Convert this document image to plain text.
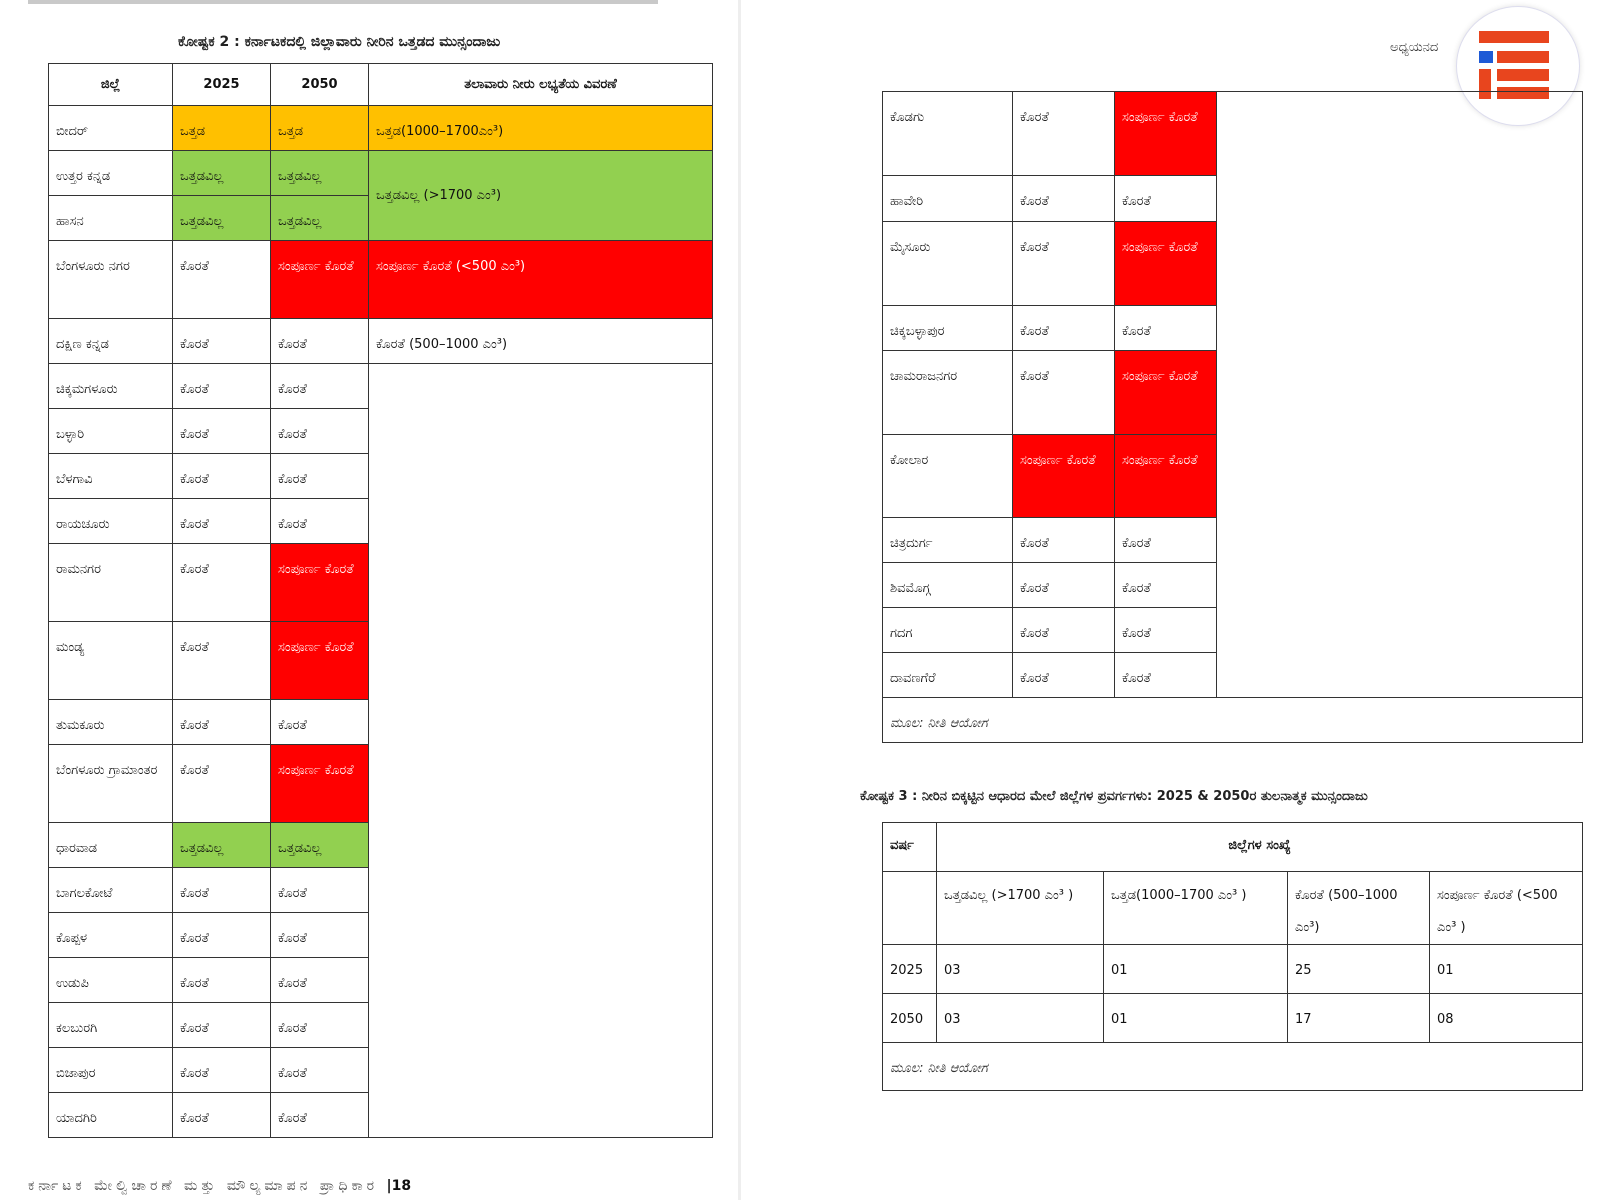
ಕೋಷ್ಟಕ 2 : ಕರ್ನಾಟಕದಲ್ಲಿ ಜಿಲ್ಲಾವಾರು ನೀರಿನ ಒತ್ತಡದ ಮುನ್ಸಂದಾಜು
ಜಿಲ್ಲೆ	2025	2050	ತಲಾವಾರು ನೀರು ಲಭ್ಯತೆಯ ವಿವರಣೆ
ಬೀದರ್	ಒತ್ತಡ	ಒತ್ತಡ	ಒತ್ತಡ(1000–1700ಎಂ³)
ಉತ್ತರ ಕನ್ನಡ	ಒತ್ತಡವಿಲ್ಲ	ಒತ್ತಡವಿಲ್ಲ	ಒತ್ತಡವಿಲ್ಲ (>1700 ಎಂ³)
ಹಾಸನ	ಒತ್ತಡವಿಲ್ಲ	ಒತ್ತಡವಿಲ್ಲ	
ಬೆಂಗಳೂರು ನಗರ	ಕೊರತೆ	ಸಂಪೂರ್ಣ ಕೊರತೆ	ಸಂಪೂರ್ಣ ಕೊರತೆ (<500 ಎಂ³)
ದಕ್ಷಿಣ ಕನ್ನಡ	ಕೊರತೆ	ಕೊರತೆ	ಕೊರತೆ (500–1000 ಎಂ³)
ಚಿಕ್ಕಮಗಳೂರು	ಕೊರತೆ	ಕೊರತೆ	
ಬಳ್ಳಾರಿ	ಕೊರತೆ	ಕೊರತೆ	
ಬೆಳಗಾವಿ	ಕೊರತೆ	ಕೊರತೆ	
ರಾಯಚೂರು	ಕೊರತೆ	ಕೊರತೆ	
ರಾಮನಗರ	ಕೊರತೆ	ಸಂಪೂರ್ಣ ಕೊರತೆ	
ಮಂಡ್ಯ	ಕೊರತೆ	ಸಂಪೂರ್ಣ ಕೊರತೆ	
ತುಮಕೂರು	ಕೊರತೆ	ಕೊರತೆ	
ಬೆಂಗಳೂರು ಗ್ರಾಮಾಂತರ	ಕೊರತೆ	ಸಂಪೂರ್ಣ ಕೊರತೆ	
ಧಾರವಾಡ	ಒತ್ತಡವಿಲ್ಲ	ಒತ್ತಡವಿಲ್ಲ	
ಬಾಗಲಕೋಟೆ	ಕೊರತೆ	ಕೊರತೆ	
ಕೊಪ್ಪಳ	ಕೊರತೆ	ಕೊರತೆ	
ಉಡುಪಿ	ಕೊರತೆ	ಕೊರತೆ	
ಕಲಬುರಗಿ	ಕೊರತೆ	ಕೊರತೆ	
ಬಿಜಾಪುರ	ಕೊರತೆ	ಕೊರತೆ	
ಯಾದಗಿರಿ	ಕೊರತೆ	ಕೊರತೆ	
ಕರ್ನಾಟಕ ಮೇಲ್ವಿಚಾರಣೆ ಮತ್ತು ಮೌಲ್ಯಮಾಪನ ಪ್ರಾಧಿಕಾರ |18
ಅಧ್ಯಯನದ
ಕೊಡಗು	ಕೊರತೆ	ಸಂಪೂರ್ಣ ಕೊರತೆ	
ಹಾವೇರಿ	ಕೊರತೆ	ಕೊರತೆ	
ಮೈಸೂರು	ಕೊರತೆ	ಸಂಪೂರ್ಣ ಕೊರತೆ	
ಚಿಕ್ಕಬಳ್ಳಾಪುರ	ಕೊರತೆ	ಕೊರತೆ	
ಚಾಮರಾಜನಗರ	ಕೊರತೆ	ಸಂಪೂರ್ಣ ಕೊರತೆ	
ಕೋಲಾರ	ಸಂಪೂರ್ಣ ಕೊರತೆ	ಸಂಪೂರ್ಣ ಕೊರತೆ	
ಚಿತ್ರದುರ್ಗ	ಕೊರತೆ	ಕೊರತೆ	
ಶಿವಮೊಗ್ಗ	ಕೊರತೆ	ಕೊರತೆ	
ಗದಗ	ಕೊರತೆ	ಕೊರತೆ	
ದಾವಣಗೆರೆ	ಕೊರತೆ	ಕೊರತೆ	
ಮೂಲ: ನೀತಿ ಆಯೋಗ			
ಕೋಷ್ಟಕ 3 : ನೀರಿನ ಬಿಕ್ಕಟ್ಟಿನ ಆಧಾರದ ಮೇಲೆ ಜಿಲ್ಲೆಗಳ ಪ್ರವರ್ಗಗಳು: 2025 & 2050ರ ತುಲನಾತ್ಮಕ ಮುನ್ಸಂದಾಜು
ವರ್ಷ	ಜಿಲ್ಲೆಗಳ ಸಂಖ್ಯೆ			
	ಒತ್ತಡವಿಲ್ಲ (>1700 ಎಂ³ )	ಒತ್ತಡ(1000–1700 ಎಂ³ )	ಕೊರತೆ (500–1000 ಎಂ³)	ಸಂಪೂರ್ಣ ಕೊರತೆ (<500 ಎಂ³ )
2025	03	01	25	01
2050	03	01	17	08
ಮೂಲ: ನೀತಿ ಆಯೋಗ				
